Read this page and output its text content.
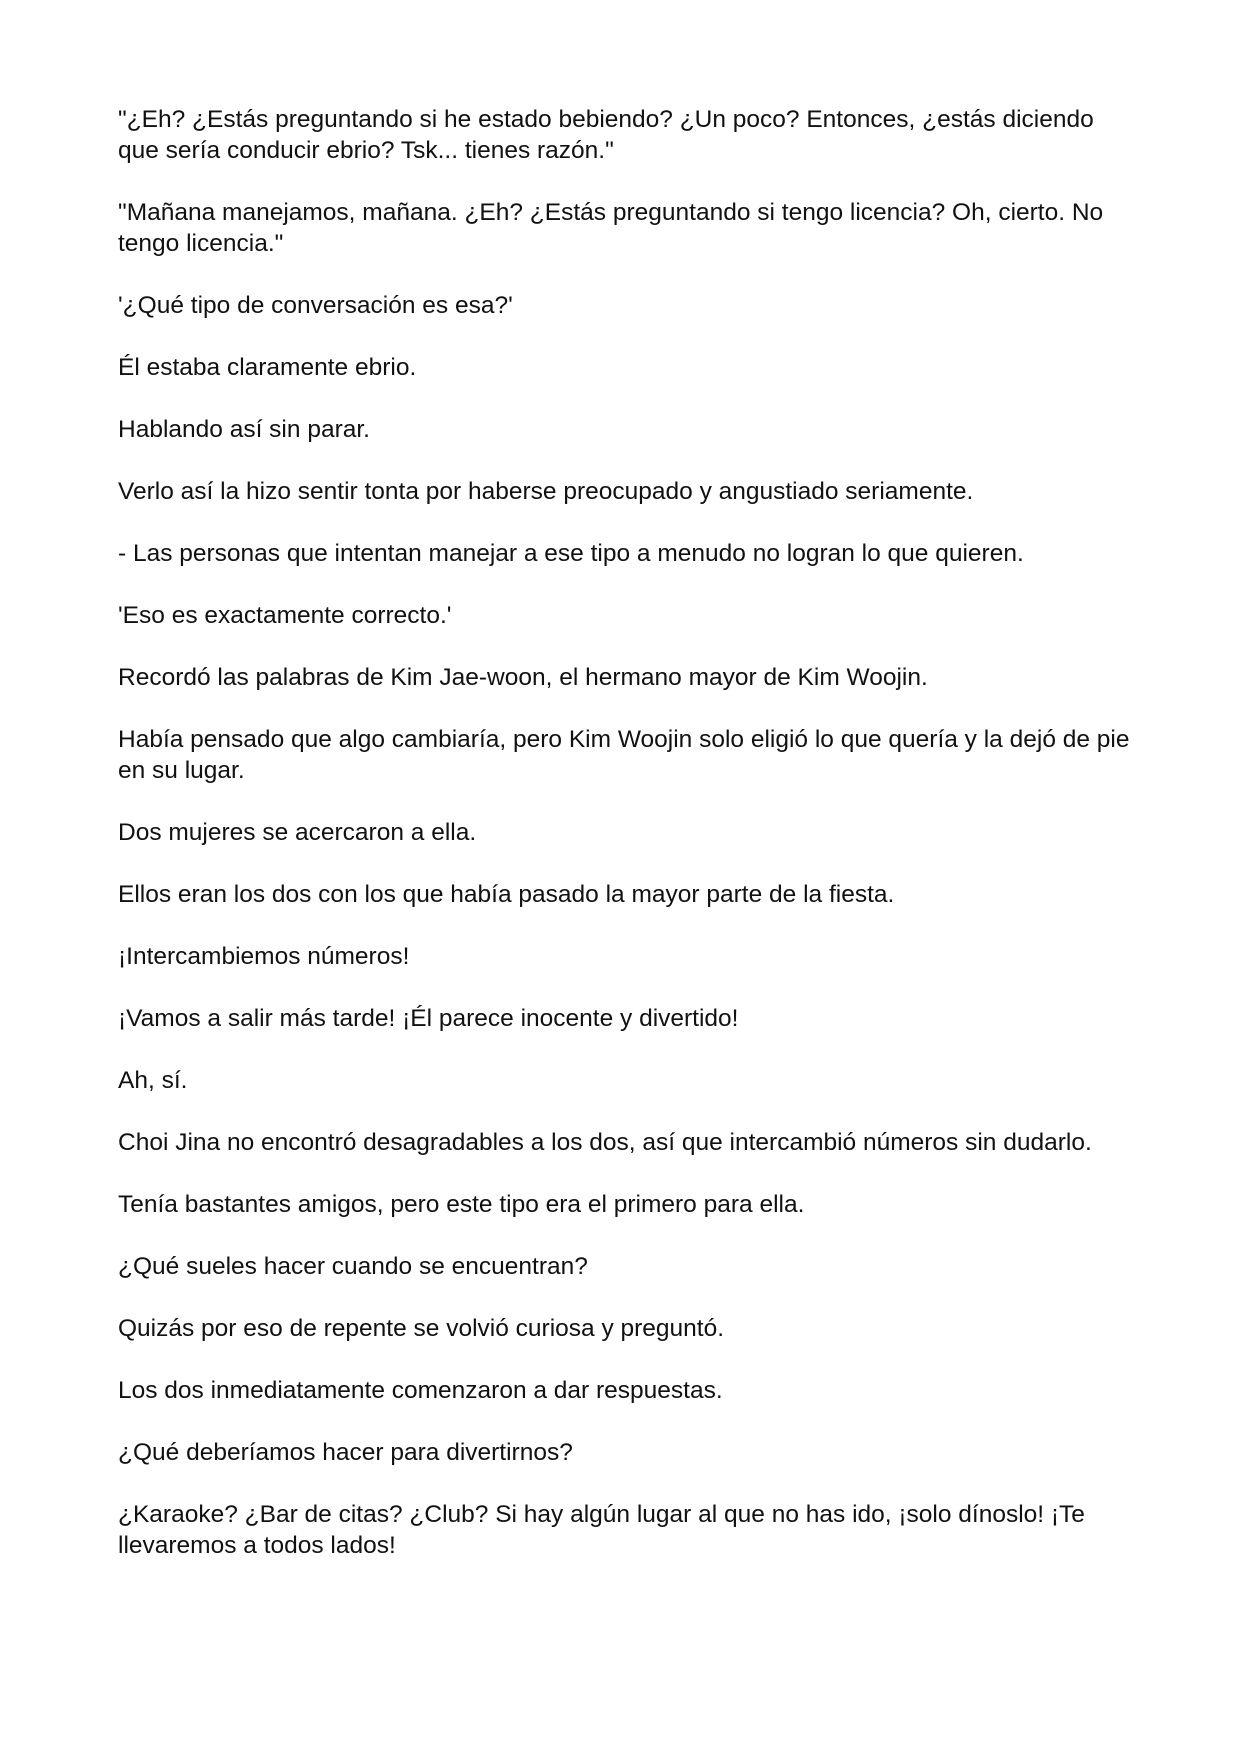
"¿Eh? ¿Estás preguntando si he estado bebiendo? ¿Un poco? Entonces, ¿estás diciendo que sería conducir ebrio? Tsk... tienes razón."

"Mañana manejamos, mañana. ¿Eh? ¿Estás preguntando si tengo licencia? Oh, cierto. No tengo licencia."

'¿Qué tipo de conversación es esa?'

Él estaba claramente ebrio.

Hablando así sin parar.

Verlo así la hizo sentir tonta por haberse preocupado y angustiado seriamente.

- Las personas que intentan manejar a ese tipo a menudo no logran lo que quieren.

'Eso es exactamente correcto.'

Recordó las palabras de Kim Jae-woon, el hermano mayor de Kim Woojin.

Había pensado que algo cambiaría, pero Kim Woojin solo eligió lo que quería y la dejó de pie en su lugar.

Dos mujeres se acercaron a ella.

Ellos eran los dos con los que había pasado la mayor parte de la fiesta.

¡Intercambiemos números!

¡Vamos a salir más tarde! ¡Él parece inocente y divertido!

Ah, sí.

Choi Jina no encontró desagradables a los dos, así que intercambió números sin dudarlo.

Tenía bastantes amigos, pero este tipo era el primero para ella.

¿Qué sueles hacer cuando se encuentran?

Quizás por eso de repente se volvió curiosa y preguntó.

Los dos inmediatamente comenzaron a dar respuestas.

¿Qué deberíamos hacer para divertirnos?

¿Karaoke? ¿Bar de citas? ¿Club? Si hay algún lugar al que no has ido, ¡solo dínoslo! ¡Te llevaremos a todos lados!
